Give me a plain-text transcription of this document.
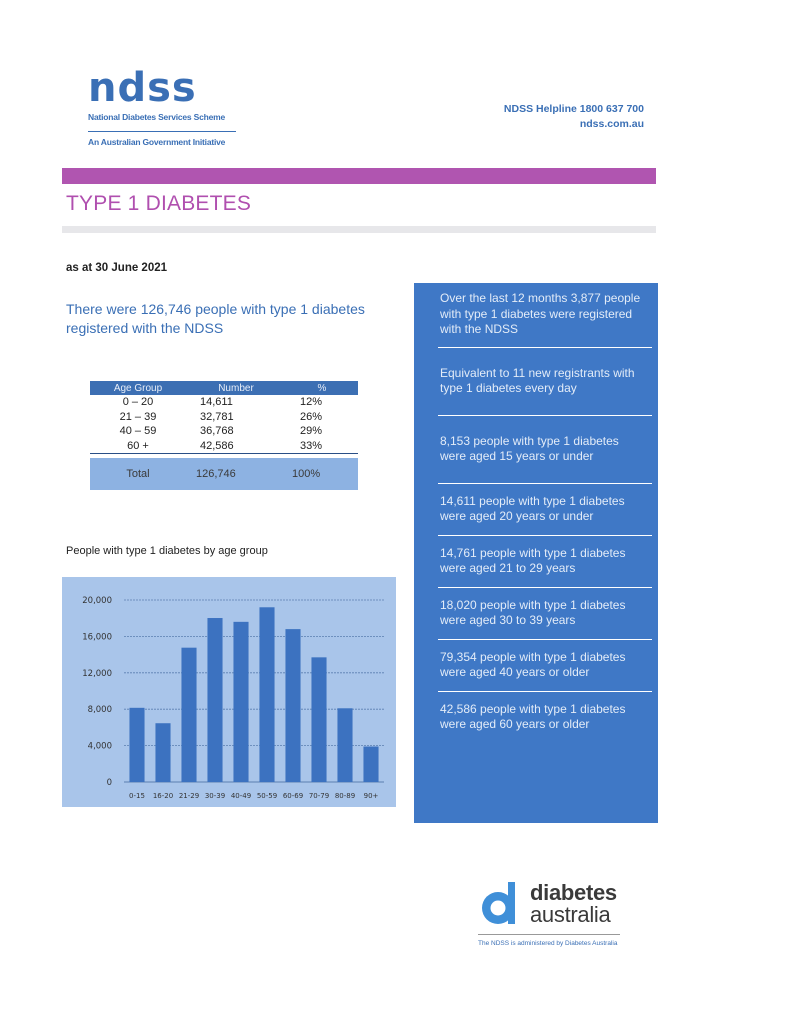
ndss
National Diabetes Services Scheme
An Australian Government Initiative
NDSS Helpline 1800 637 700
ndss.com.au
TYPE 1 DIABETES
as at 30 June 2021
There were 126,746 people with type 1 diabetes registered with the NDSS
Age Group	Number	%
0 – 20	14,611	12%
21 – 39	32,781	26%
40 – 59	36,768	29%
60 +	42,586	33%
Total	126,746	100%
People with type 1 diabetes by age group
0
4,000
8,000
12,000
16,000
20,000
0-15 16-20 21-29 30-39 40-49 50-59 60-69 70-79 80-89 90+
Over the last 12 months 3,877 people with type 1 diabetes were registered with the NDSS
Equivalent to 11 new registrants with type 1 diabetes every day
8,153 people with type 1 diabetes were aged 15 years or under
14,611 people with type 1 diabetes were aged 20 years or under
14,761 people with type 1 diabetes were aged 21 to 29 years
18,020 people with type 1 diabetes were aged 30 to 39 years
79,354 people with type 1 diabetes were aged 40 years or older
42,586 people with type 1 diabetes were aged 60 years or older
diabetes
australia
The NDSS is administered by Diabetes Australia
